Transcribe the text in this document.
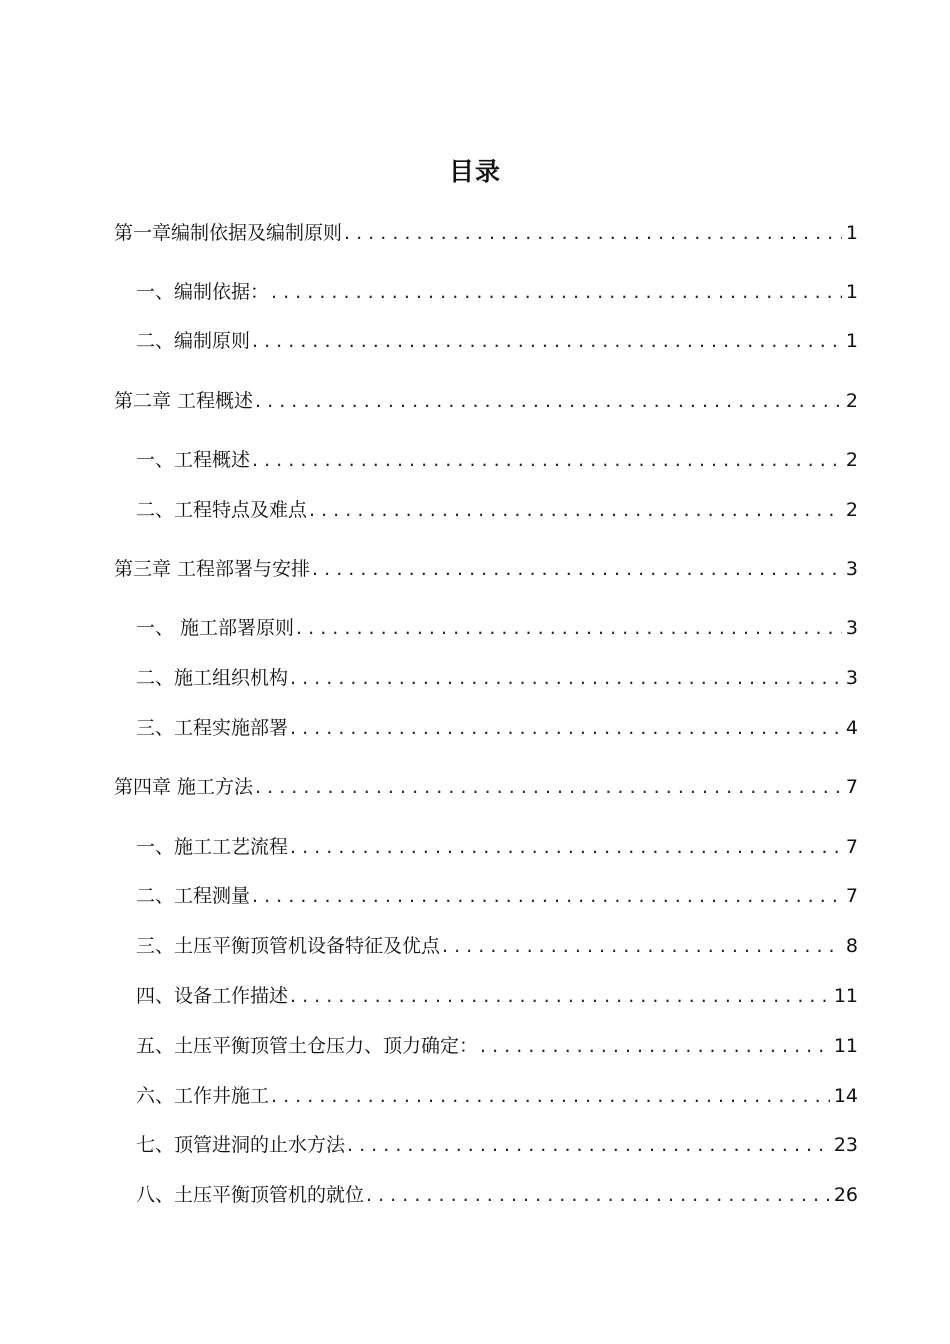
目录
第一章编制依据及编制原则 . . .	1
一、编制依据： . . .	1
二、编制原则 . . .	1
第二章 工程概述 . . .	2
一、工程概述 . . .	2
二、工程特点及难点 . . .	2
第三章 工程部署与安排 . . .	3
一、 施工部署原则 . . .	3
二、施工组织机构 . . .	3
三、工程实施部署 . . .	4
第四章 施工方法 . . .	7
一、施工工艺流程 . . .	7
二、工程测量 . . .	7
三、土压平衡顶管机设备特征及优点 . . .	8
四、设备工作描述 . . .	11
五、土压平衡顶管土仓压力、顶力确定： . . .	11
六、工作井施工 . . .	14
七、顶管进洞的止水方法 . . .	23
八、土压平衡顶管机的就位 . . .	26
